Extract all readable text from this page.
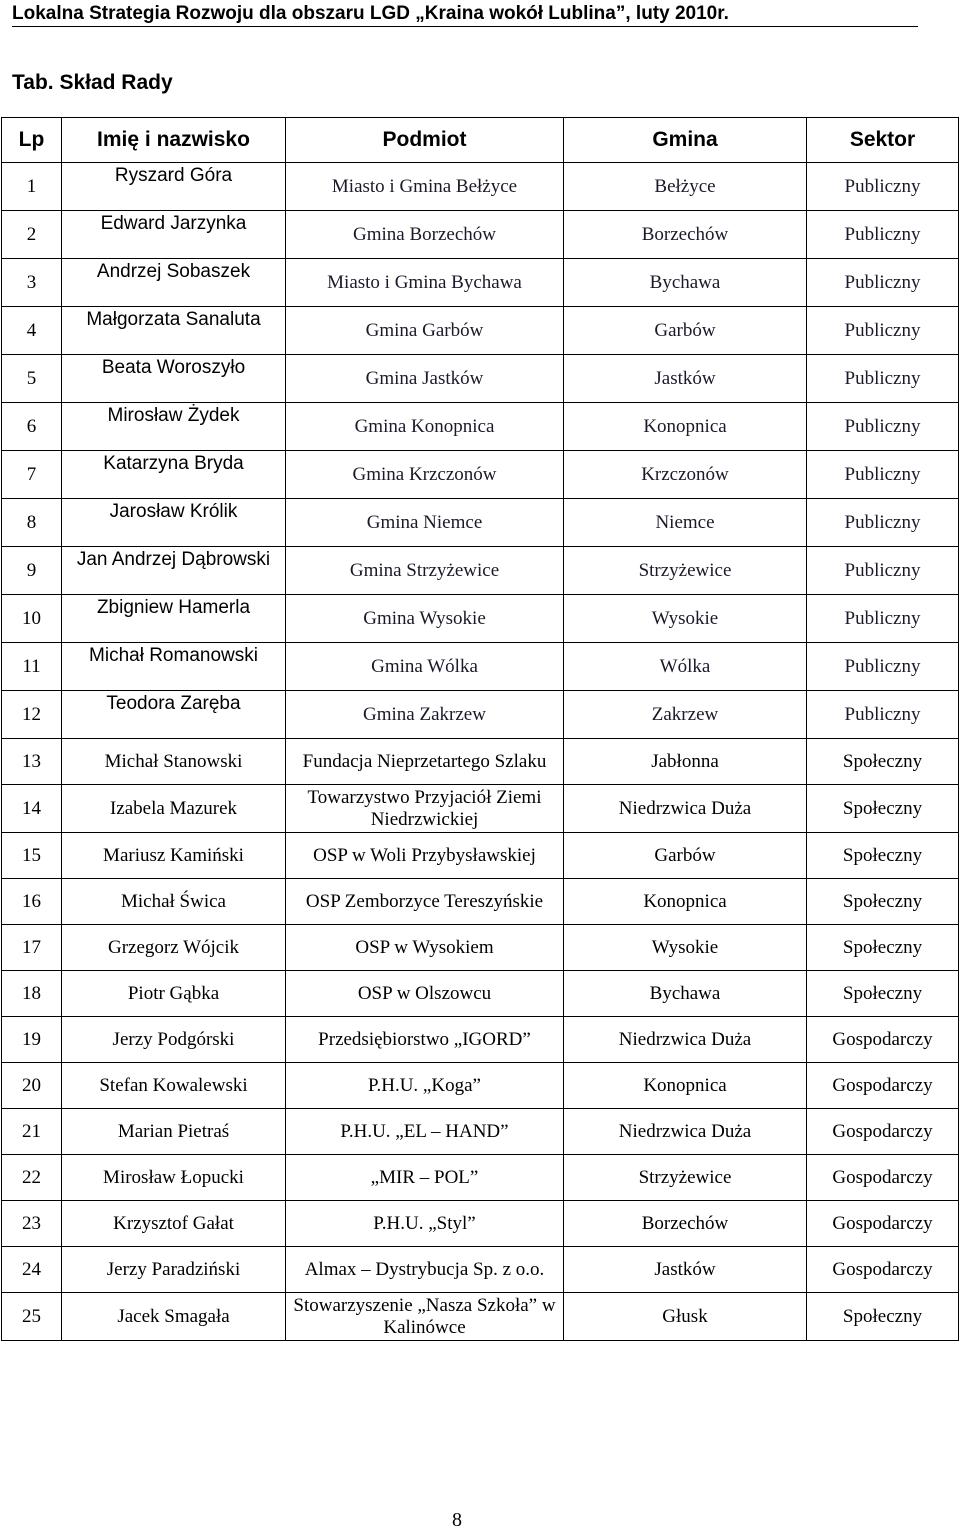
Lokalna Strategia Rozwoju dla obszaru LGD „Kraina wokół Lublina”, luty 2010r.
Tab. Skład Rady
Lp	Imię i nazwisko	Podmiot	Gmina	Sektor
1	Ryszard Góra	Miasto i Gmina Bełżyce	Bełżyce	Publiczny
2	Edward Jarzynka	Gmina Borzechów	Borzechów	Publiczny
3	Andrzej Sobaszek	Miasto i Gmina Bychawa	Bychawa	Publiczny
4	Małgorzata Sanaluta	Gmina Garbów	Garbów	Publiczny
5	Beata Woroszyło	Gmina Jastków	Jastków	Publiczny
6	Mirosław Żydek	Gmina Konopnica	Konopnica	Publiczny
7	Katarzyna Bryda	Gmina Krzczonów	Krzczonów	Publiczny
8	Jarosław Królik	Gmina Niemce	Niemce	Publiczny
9	Jan Andrzej Dąbrowski	Gmina Strzyżewice	Strzyżewice	Publiczny
10	Zbigniew Hamerla	Gmina Wysokie	Wysokie	Publiczny
11	Michał Romanowski	Gmina Wólka	Wólka	Publiczny
12	Teodora Zaręba	Gmina Zakrzew	Zakrzew	Publiczny
13	Michał Stanowski	Fundacja Nieprzetartego Szlaku	Jabłonna	Społeczny
14	Izabela Mazurek	Towarzystwo Przyjaciół Ziemi Niedrzwickiej	Niedrzwica Duża	Społeczny
15	Mariusz Kamiński	OSP w Woli Przybysławskiej	Garbów	Społeczny
16	Michał Świca	OSP Zemborzyce Tereszyńskie	Konopnica	Społeczny
17	Grzegorz Wójcik	OSP w Wysokiem	Wysokie	Społeczny
18	Piotr Gąbka	OSP w Olszowcu	Bychawa	Społeczny
19	Jerzy Podgórski	Przedsiębiorstwo „IGORD”	Niedrzwica Duża	Gospodarczy
20	Stefan Kowalewski	P.H.U. „Koga”	Konopnica	Gospodarczy
21	Marian Pietraś	P.H.U. „EL – HAND”	Niedrzwica Duża	Gospodarczy
22	Mirosław Łopucki	„MIR – POL”	Strzyżewice	Gospodarczy
23	Krzysztof Gałat	P.H.U. „Styl”	Borzechów	Gospodarczy
24	Jerzy Paradziński	Almax – Dystrybucja Sp. z o.o.	Jastków	Gospodarczy
25	Jacek Smagała	Stowarzyszenie „Nasza Szkoła” w Kalinówce	Głusk	Społeczny
8
